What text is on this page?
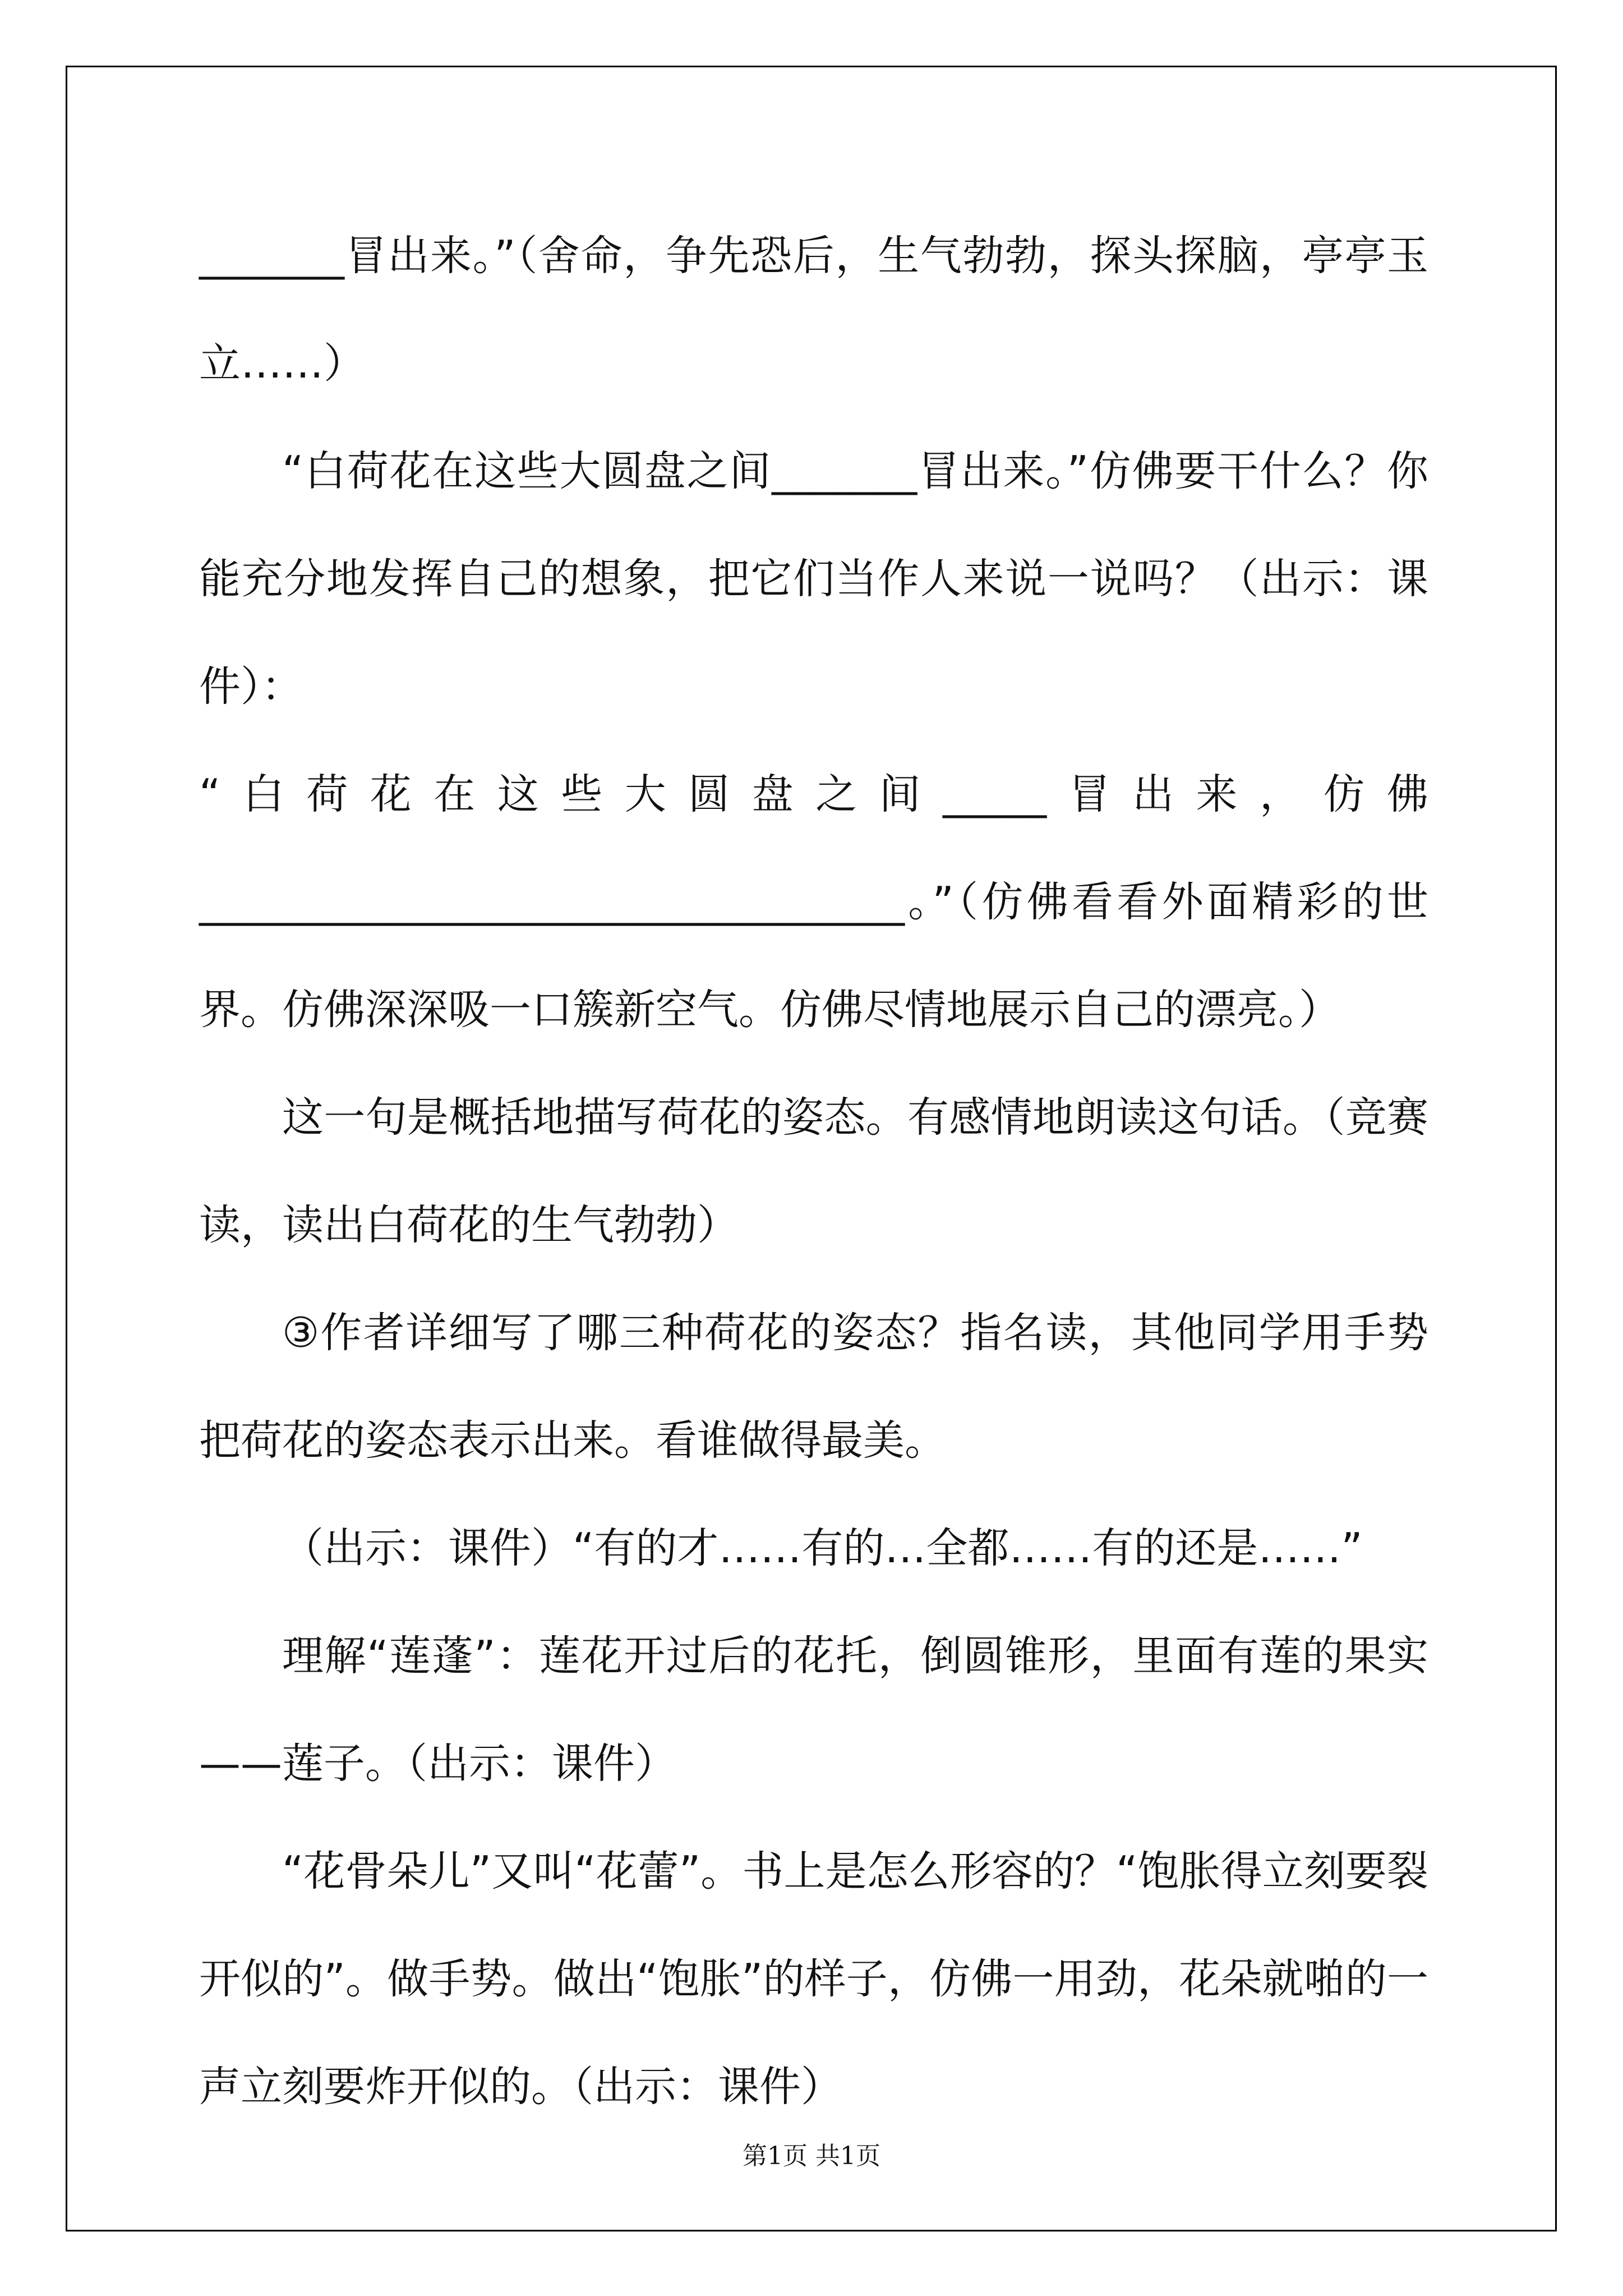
_______冒出来。”（舍命，争先恐后，生气勃勃，探头探脑，亭亭玉立……）

“白荷花在这些大圆盘之间_______冒出来。”仿佛要干什么？你能充分地发挥自己的想象，把它们当作人来说一说吗？（出示：课件）：

“白荷花在这些大圆盘之间_____冒出来，仿佛

__________________________________。”（仿佛看看外面精彩的世界。仿佛深深吸一口簇新空气。仿佛尽情地展示自己的漂亮。）

这一句是概括地描写荷花的姿态。有感情地朗读这句话。（竞赛读，读出白荷花的生气勃勃）

③作者详细写了哪三种荷花的姿态？指名读，其他同学用手势把荷花的姿态表示出来。看谁做得最美。

（出示：课件）“有的才……有的…全都……有的还是……”

理解“莲蓬”：莲花开过后的花托，倒圆锥形，里面有莲的果实——莲子。（出示：课件）

“花骨朵儿”又叫“花蕾”。书上是怎么形容的？“饱胀得立刻要裂开似的”。做手势。做出“饱胀”的样子，仿佛一用劲，花朵就啪的一声立刻要炸开似的。（出示：课件）

第1页 共1页
